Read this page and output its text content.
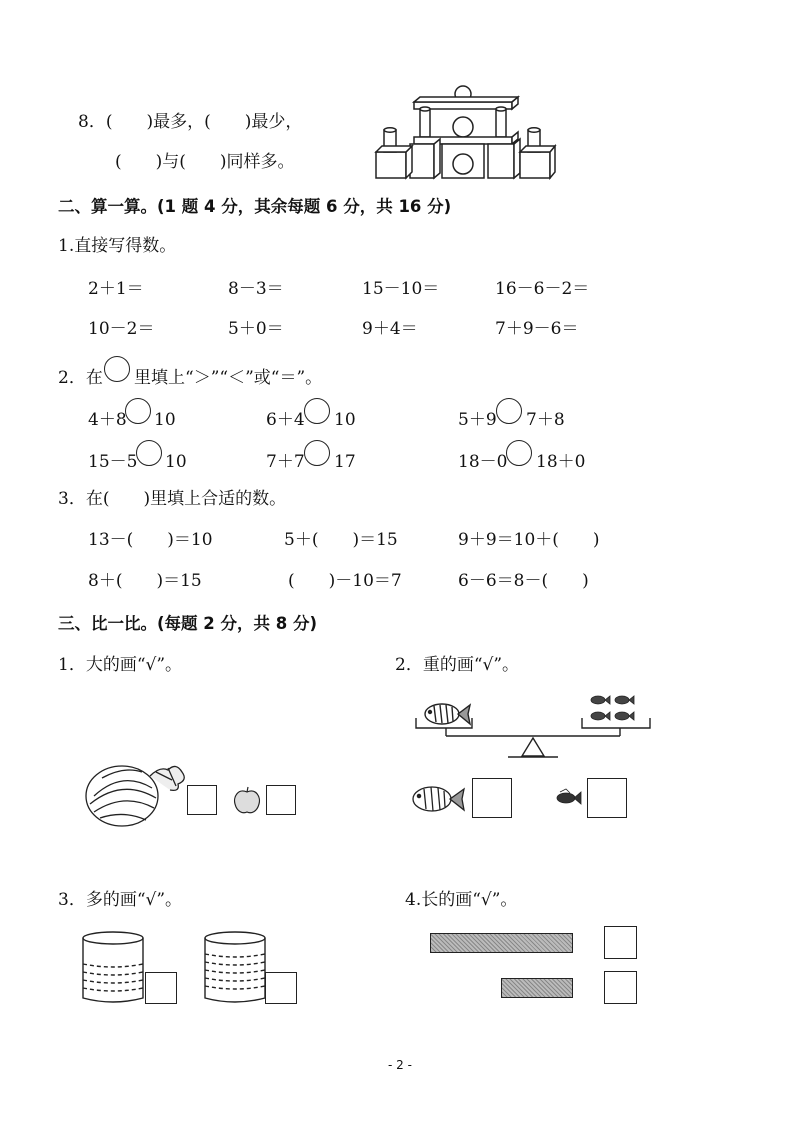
8．(　　)最多，(　　)最少，
(　　)与(　　)同样多。
二、算一算。(1 题 4 分，其余每题 6 分，共 16 分)
1.直接写得数。
2＋1＝	8－3＝	15－10＝	16－6－2＝
10－2＝	5＋0＝	9＋4＝	7＋9－6＝
2．在 里填上“＞”“＜”或“＝”。
4＋8 10	6＋4 10	5＋9 7＋8
15－5 10	7＋7 17	18－0 18＋0
3．在(　　)里填上合适的数。
13－(　　)＝10	5＋(　　)＝15	9＋9＝10＋(　　)
8＋(　　)＝15	(　　)－10＝7	6－6＝8－(　　)
三、比一比。(每题 2 分，共 8 分)
1．大的画“√”。	2．重的画“√”。
3．多的画“√”。	4.长的画“√”。
- 2 -
